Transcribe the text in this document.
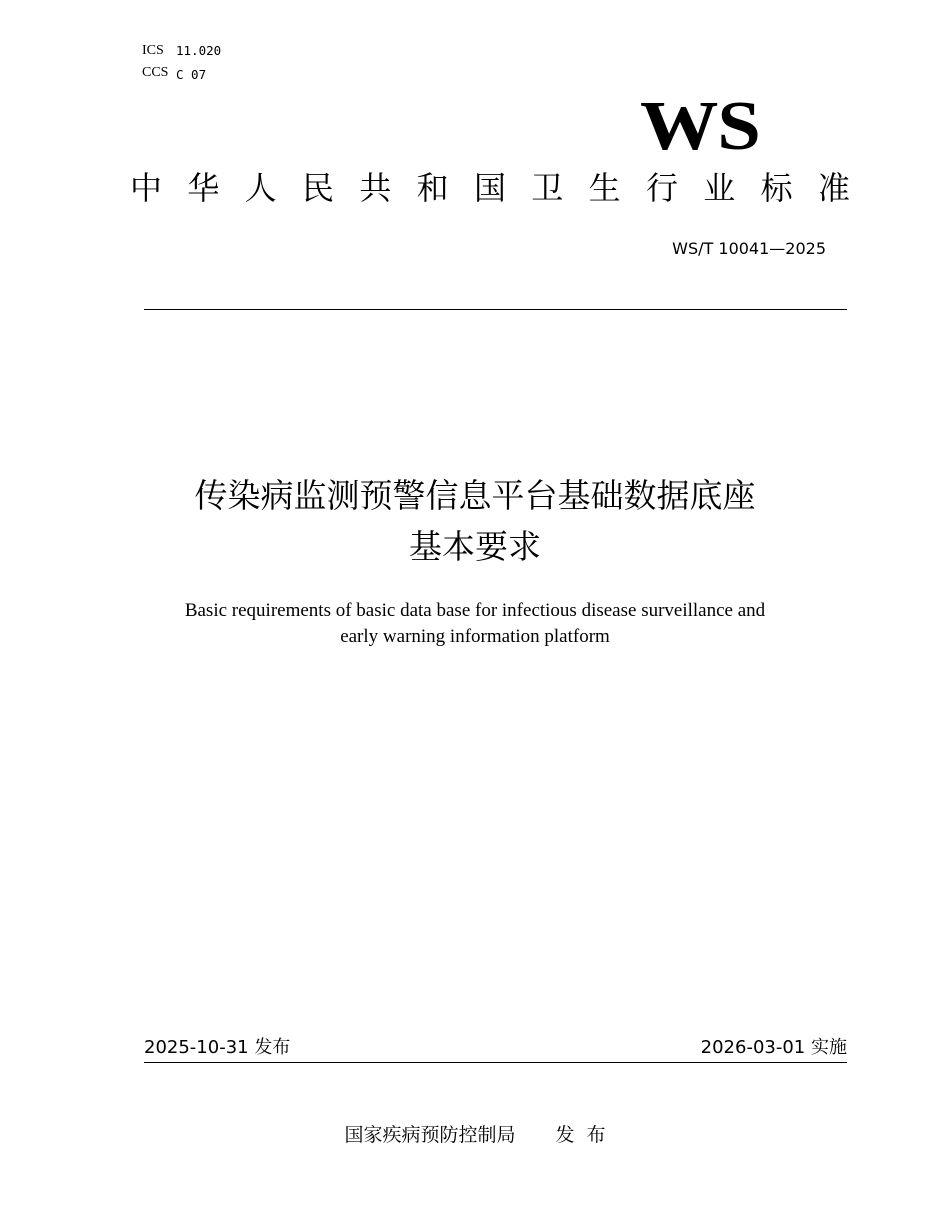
ICS 11.020
CCS C 07
WS
中 华 人 民 共 和 国 卫 生 行 业 标 准
WS/T 10041—2025
传染病监测预警信息平台基础数据底座
基本要求
Basic requirements of basic data base for infectious disease surveillance and
early warning information platform
2025-10-31 发布	2026-03-01 实施
国家疾病预防控制局 发布
